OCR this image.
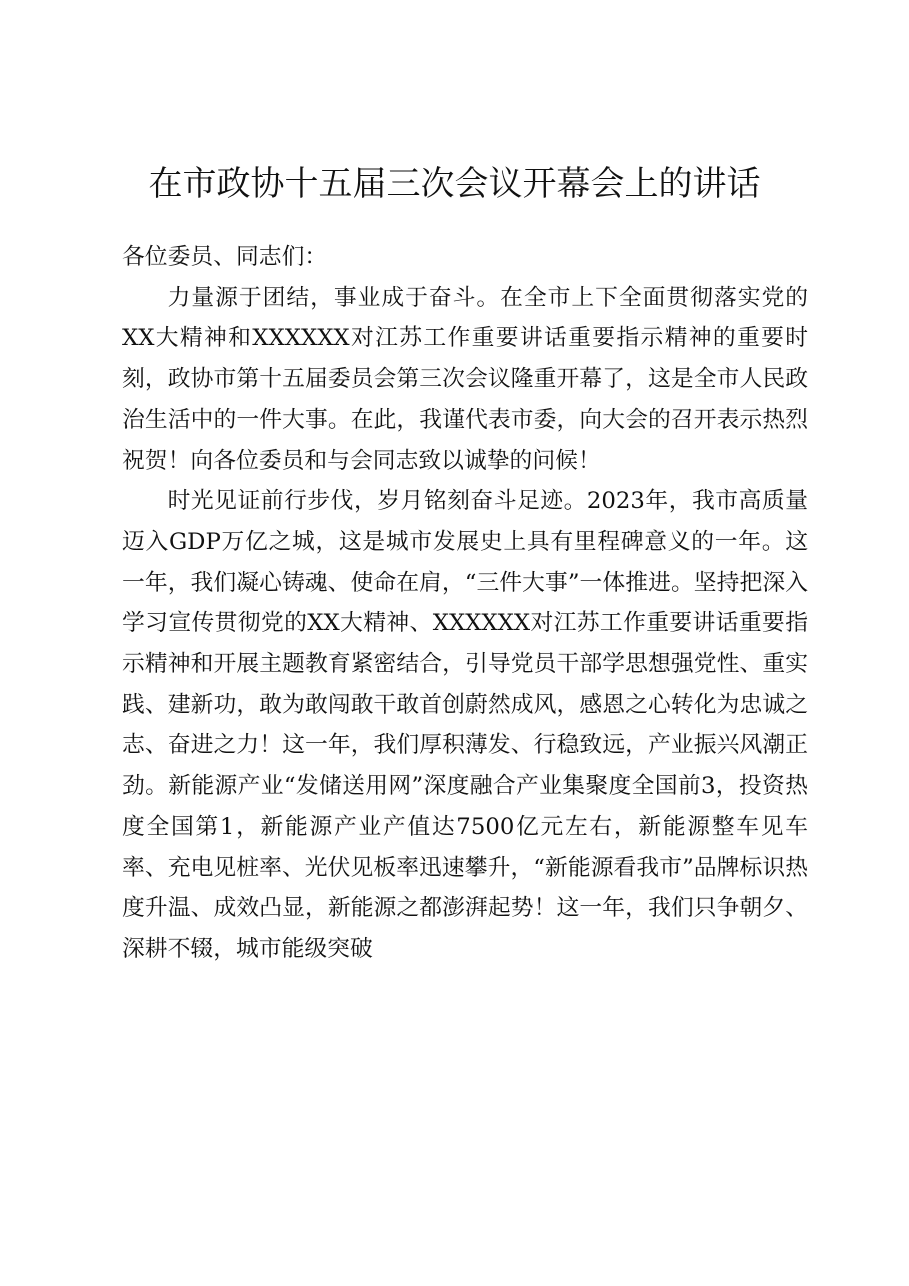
在市政协十五届三次会议开幕会上的讲话

各位委员、同志们：

力量源于团结，事业成于奋斗。在全市上下全面贯彻落实党的XX大精神和XXXXXX对江苏工作重要讲话重要指示精神的重要时刻，政协市第十五届委员会第三次会议隆重开幕了，这是全市人民政治生活中的一件大事。在此，我谨代表市委，向大会的召开表示热烈祝贺！向各位委员和与会同志致以诚挚的问候！

时光见证前行步伐，岁月铭刻奋斗足迹。2023年，我市高质量迈入GDP万亿之城，这是城市发展史上具有里程碑意义的一年。这一年，我们凝心铸魂、使命在肩，“三件大事”一体推进。坚持把深入学习宣传贯彻党的XX大精神、XXXXXX对江苏工作重要讲话重要指示精神和开展主题教育紧密结合，引导党员干部学思想强党性、重实践、建新功，敢为敢闯敢干敢首创蔚然成风，感恩之心转化为忠诚之志、奋进之力！这一年，我们厚积薄发、行稳致远，产业振兴风潮正劲。新能源产业“发储送用网”深度融合产业集聚度全国前3，投资热度全国第1，新能源产业产值达7500亿元左右，新能源整车见车率、充电见桩率、光伏见板率迅速攀升，“新能源看我市”品牌标识热度升温、成效凸显，新能源之都澎湃起势！这一年，我们只争朝夕、深耕不辍，城市能级突破
